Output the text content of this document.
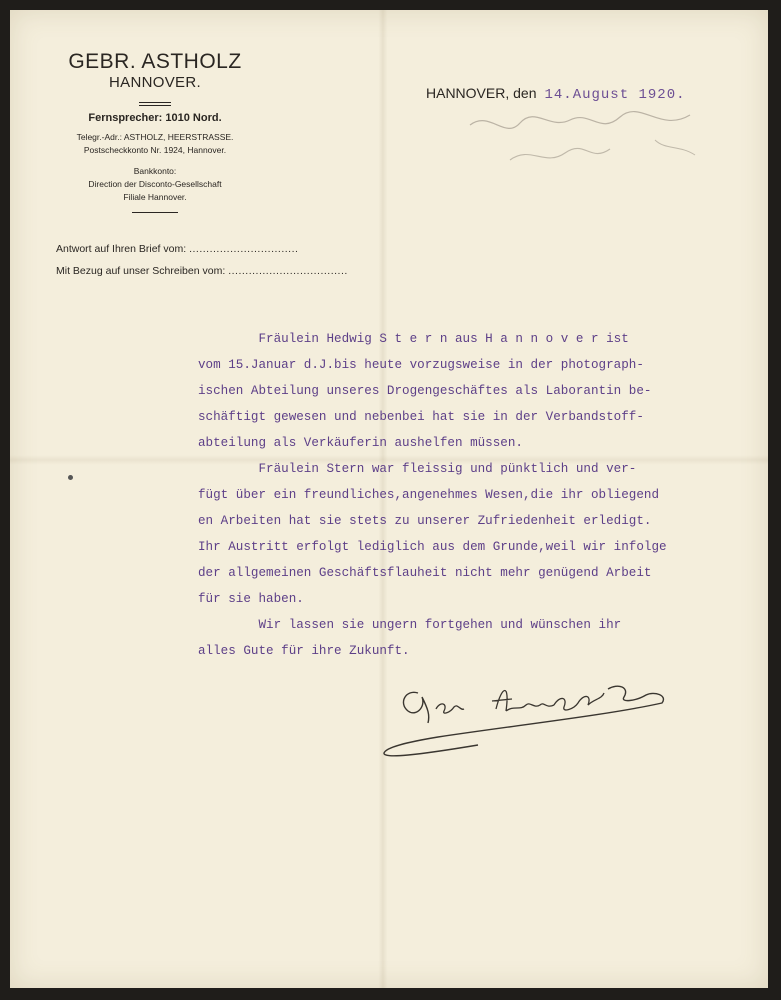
GEBR. ASTHOLZ

HANNOVER.

Fernsprecher: 1010 Nord.

Telegr.-Adr.: ASTHOLZ, HEERSTRASSE.

Postscheckkonto Nr. 1924, Hannover.

Bankkonto:

Direction der Disconto-Gesellschaft

Filiale Hannover.

HANNOVER, den 14.August 1920.
Antwort auf Ihren Brief vom: ................................
Mit Bezug auf unser Schreiben vom: ...................................

Fräulein Hedwig S t e r n aus H a n n o v e r ist

vom 15.Januar d.J.bis heute vorzugsweise in der photograph-

ischen Abteilung unseres Drogengeschäftes als Laborantin be-

schäftigt gewesen und nebenbei hat sie in der Verbandstoff-

abteilung als Verkäuferin aushelfen müssen.

Fräulein Stern war fleissig und pünktlich und ver-

fügt über ein freundliches,angenehmes Wesen,die ihr obliegend

en Arbeiten hat sie stets zu unserer Zufriedenheit erledigt.

Ihr Austritt erfolgt lediglich aus dem Grunde,weil wir infolge

der allgemeinen Geschäftsflauheit nicht mehr genügend Arbeit

für sie haben.

Wir lassen sie ungern fortgehen und wünschen ihr

alles Gute für ihre Zukunft.
